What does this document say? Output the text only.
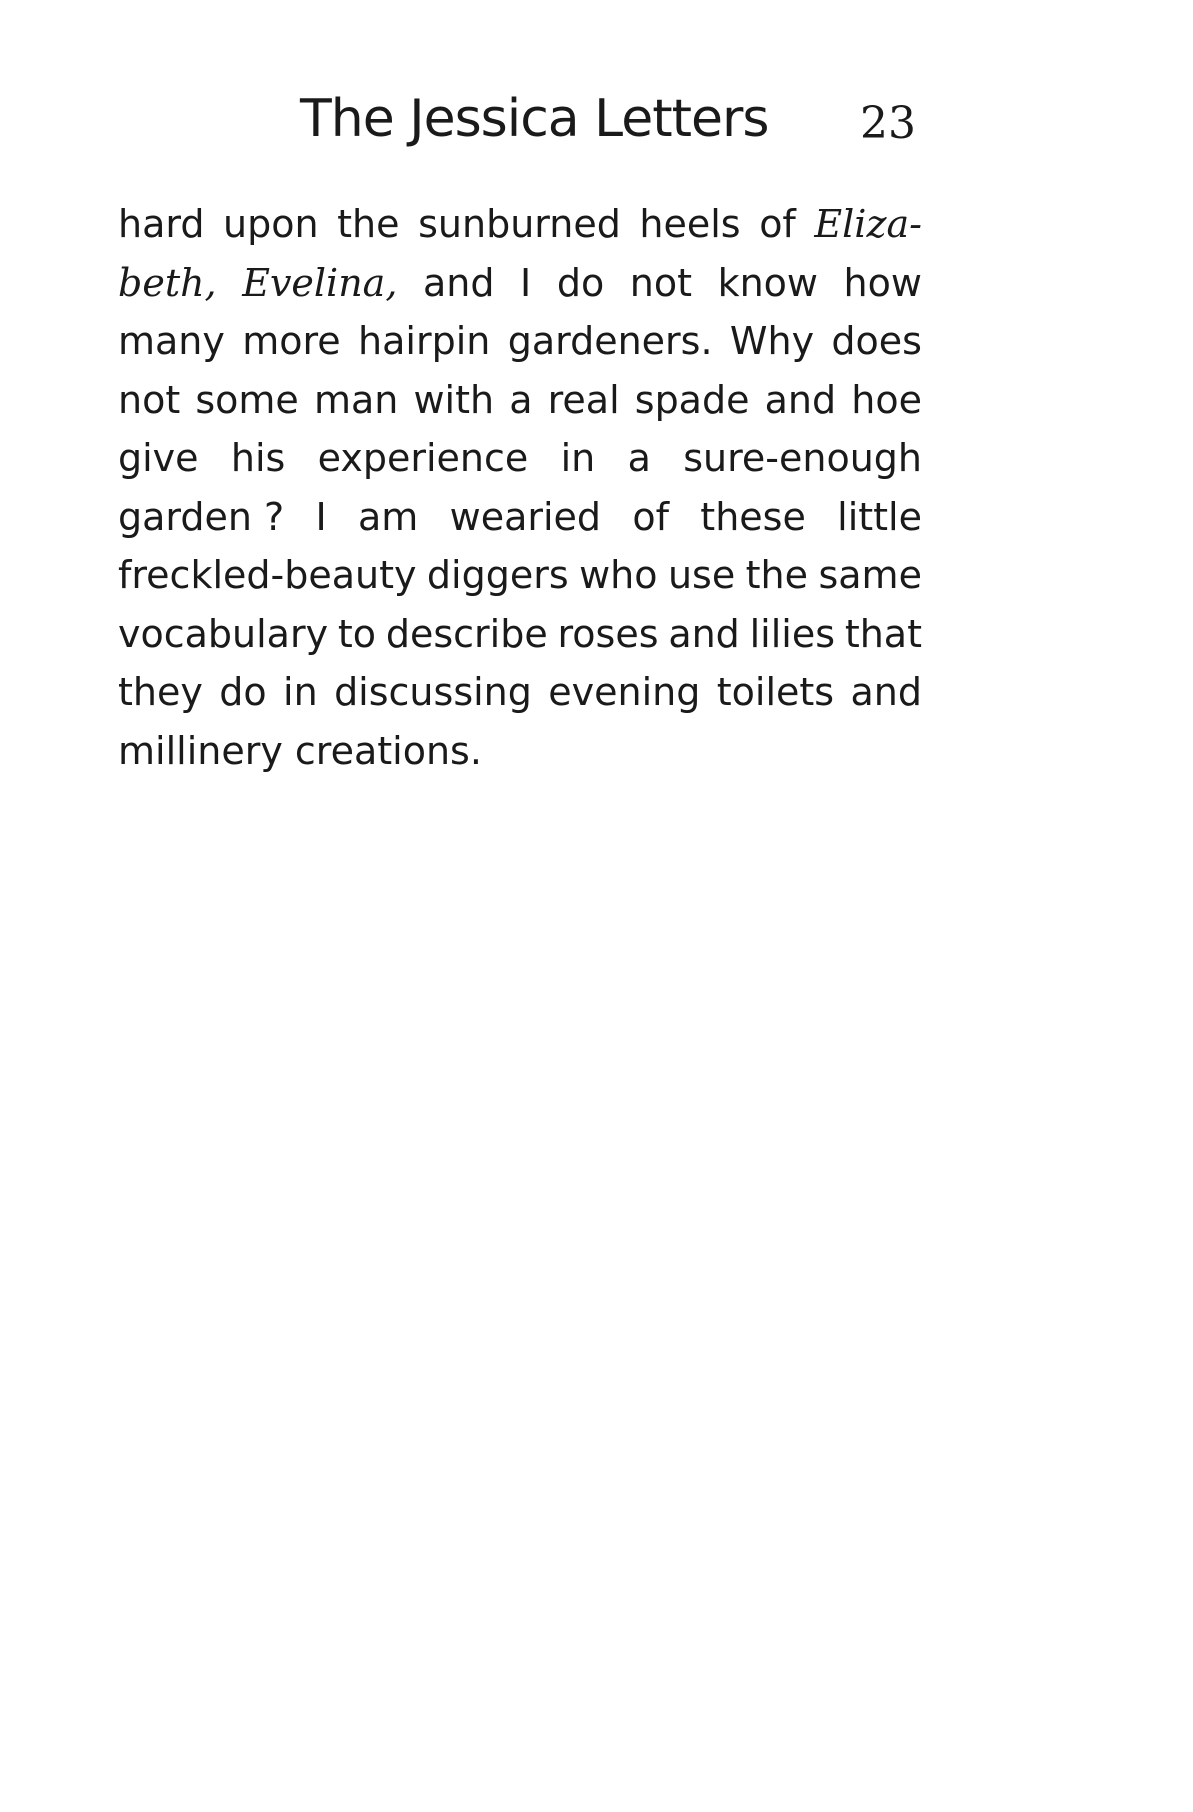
The Jessica Letters 23
hard upon the sunburned heels of Eliza-
beth, Evelina, and I do not know how
many more hairpin gardeners. Why does
not some man with a real spade and hoe
give his experience in a sure-enough
garden ? I am wearied of these little
freckled-beauty diggers who use the same
vocabulary to describe roses and lilies that
they do in discussing evening toilets and
millinery creations.
